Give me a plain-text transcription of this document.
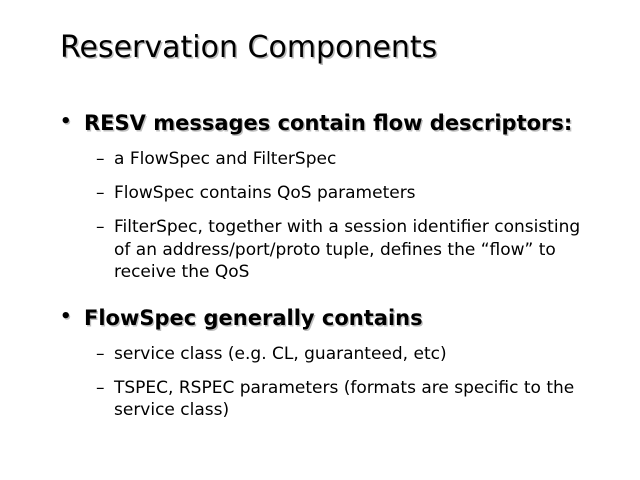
Reservation Components
• RESV messages contain flow descriptors:
– a FlowSpec and FilterSpec
– FlowSpec contains QoS parameters
– FilterSpec, together with a session identifier consisting of an address/port/proto tuple, defines the “flow” to receive the QoS
• FlowSpec generally contains
– service class (e.g. CL, guaranteed, etc)
– TSPEC, RSPEC parameters (formats are specific to the service class)
